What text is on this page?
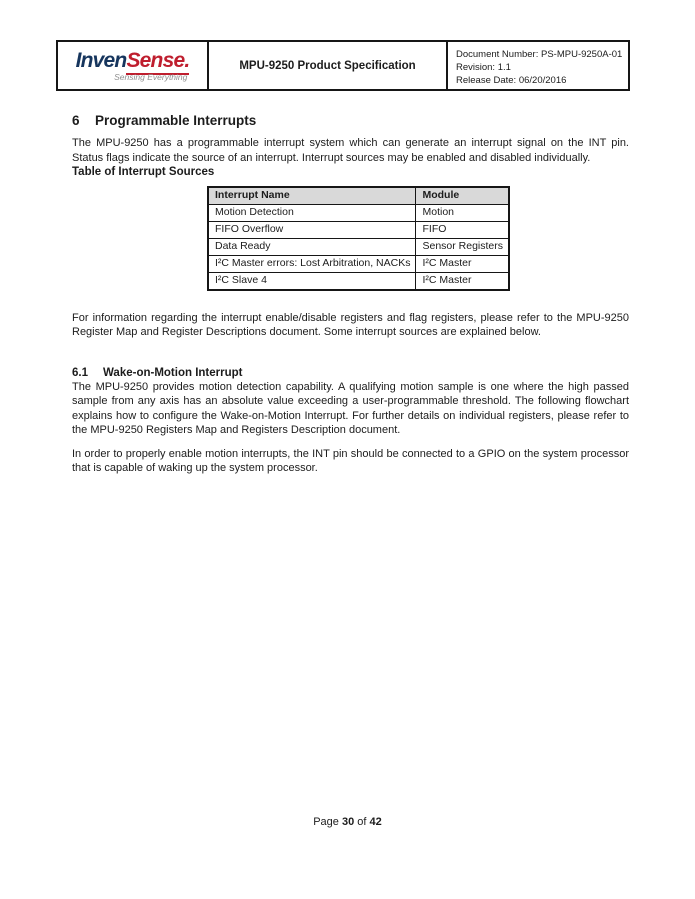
InvenSense.
Sensing Everything
MPU-9250 Product Specification
Document Number: PS-MPU-9250A-01
Revision: 1.1
Release Date: 06/20/2016
6 Programmable Interrupts

The MPU-9250 has a programmable interrupt system which can generate an interrupt signal on the INT pin. Status flags indicate the source of an interrupt. Interrupt sources may be enabled and disabled individually.

Table of Interrupt Sources
Interrupt Name	Module
Motion Detection	Motion
FIFO Overflow	FIFO
Data Ready	Sensor Registers
I²C Master errors: Lost Arbitration, NACKs	I²C Master
I²C Slave 4	I²C Master

For information regarding the interrupt enable/disable registers and flag registers, please refer to the MPU-9250 Register Map and Register Descriptions document. Some interrupt sources are explained below.

6.1 Wake-on-Motion Interrupt

The MPU-9250 provides motion detection capability. A qualifying motion sample is one where the high passed sample from any axis has an absolute value exceeding a user-programmable threshold. The following flowchart explains how to configure the Wake-on-Motion Interrupt. For further details on individual registers, please refer to the MPU-9250 Registers Map and Registers Description document.

In order to properly enable motion interrupts, the INT pin should be connected to a GPIO on the system processor that is capable of waking up the system processor.

Page 30 of 42
